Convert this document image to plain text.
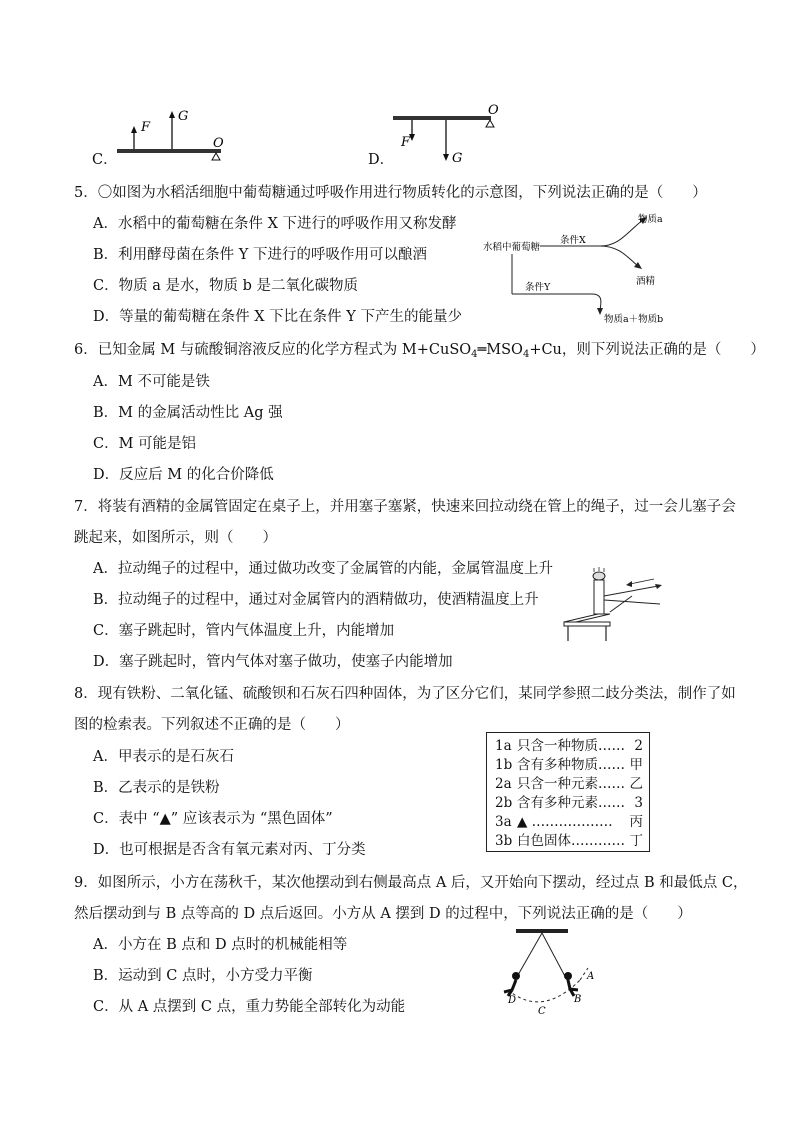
F
G
O
C．
F
G
O
D．
5．〇如图为水稻活细胞中葡萄糖通过呼吸作用进行物质转化的示意图，下列说法正确的是（　　）
A．水稻中的葡萄糖在条件 X 下进行的呼吸作用又称发酵
B．利用酵母菌在条件 Y 下进行的呼吸作用可以酿酒
C．物质 a 是水，物质 b 是二氧化碳物质
D．等量的葡萄糖在条件 X 下比在条件 Y 下产生的能量少
水稻中葡萄糖
条件X
物质a
酒精
条件Y
物质a＋物质b
6．已知金属 M 与硫酸铜溶液反应的化学方程式为 $M+CuSO_4═MSO_4+Cu$，则下列说法正确的是（　　）
A．M 不可能是铁
B．M 的金属活动性比 Ag 强
C．M 可能是铝
D．反应后 M 的化合价降低
7．将装有酒精的金属管固定在桌子上，并用塞子塞紧，快速来回拉动绕在管上的绳子，过一会儿塞子会
跳起来，如图所示，则（　　）
A．拉动绳子的过程中，通过做功改变了金属管的内能，金属管温度上升
B．拉动绳子的过程中，通过对金属管内的酒精做功，使酒精温度上升
C．塞子跳起时，管内气体温度上升，内能增加
D．塞子跳起时，管内气体对塞子做功，使塞子内能增加
8．现有铁粉、二氧化锰、硫酸钡和石灰石四种固体，为了区分它们，某同学参照二歧分类法，制作了如
图的检索表。下列叙述不正确的是（　　）
A．甲表示的是石灰石
B．乙表示的是铁粉
C．表中 “▲” 应该表示为 “黑色固体”
D．也可根据是否含有氧元素对丙、丁分类
1a 只含一种物质…… 2
1b 含有多种物质…… 甲
2a 只含一种元素…… 乙
2b 含有多种元素…… 3
3a ▲ ……………… 丙
3b 白色固体………… 丁
9．如图所示，小方在荡秋千，某次他摆动到右侧最高点 A 后，又开始向下摆动，经过点 B 和最低点 C，
然后摆动到与 B 点等高的 D 点后返回。小方从 A 摆到 D 的过程中，下列说法正确的是（　　）
A．小方在 B 点和 D 点时的机械能相等
B．运动到 C 点时，小方受力平衡
C．从 A 点摆到 C 点，重力势能全部转化为动能
A
B
C
D
